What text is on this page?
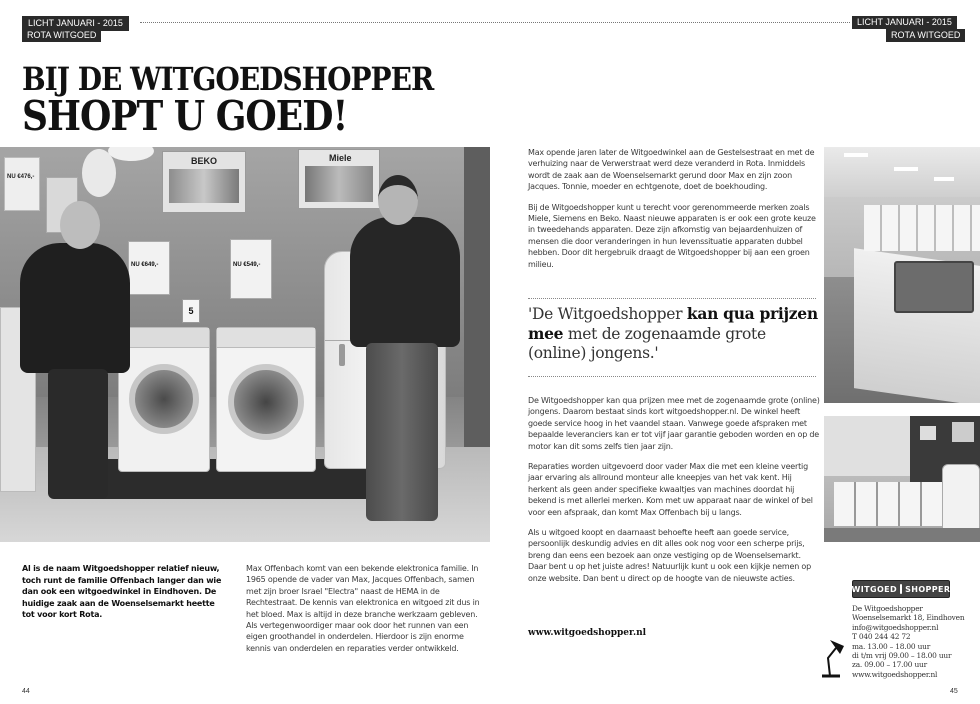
LICHT JANUARI - 2015
ROTA WITGOED
LICHT JANUARI - 2015
ROTA WITGOED
BIJ DE WITGOEDSHOPPER
SHOPT U GOED!
NU €476,-
BEKO	Miele
NU €649,-	NU €549,-
5
Al is de naam Witgoedshopper relatief nieuw, toch runt de familie Offenbach langer dan wie dan ook een witgoedwinkel in Eindhoven. De huidige zaak aan de Woenselsemarkt heette tot voor kort Rota.

Max Offenbach komt van een bekende elektronica familie. In 1965 opende de vader van Max, Jacques Offenbach, samen met zijn broer Israel "Electra" naast de HEMA in de Rechtestraat. De kennis van elektronica en witgoed zit dus in het bloed. Max is altijd in deze branche werkzaam gebleven. Als vertegenwoordiger maar ook door het runnen van een eigen groothandel in onderdelen. Hierdoor is zijn enorme kennis van onderdelen en reparaties verder ontwikkeld.

Max opende jaren later de Witgoedwinkel aan de Gestelsestraat en met de verhuizing naar de Verwerstraat werd deze veranderd in Rota. Inmiddels wordt de zaak aan de Woenselsemarkt gerund door Max en zijn zoon Jacques. Tonnie, moeder en echtgenote, doet de boekhouding.

Bij de Witgoedshopper kunt u terecht voor gerenommeerde merken zoals Miele, Siemens en Beko. Naast nieuwe apparaten is er ook een grote keuze in tweedehands apparaten. Deze zijn afkomstig van bejaardenhuizen of mensen die door veranderingen in hun levenssituatie apparaten dubbel hebben. Door dit hergebruik draagt de Witgoedshopper bij aan een groen milieu.

'De Witgoedshopper kan qua prijzen mee met de zogenaamde grote (online) jongens.'

De Witgoedshopper kan qua prijzen mee met de zogenaamde grote (online) jongens. Daarom bestaat sinds kort witgoedshopper.nl. De winkel heeft goede service hoog in het vaandel staan. Vanwege goede afspraken met bepaalde leveranciers kan er tot vijf jaar garantie geboden worden en op de motor kan dit soms zelfs tien jaar zijn.

Reparaties worden uitgevoerd door vader Max die met een kleine veertig jaar ervaring als allround monteur alle kneepjes van het vak kent. Hij herkent als geen ander specifieke kwaaltjes van machines doordat hij bekend is met allerlei merken. Kom met uw apparaat naar de winkel of bel voor een afspraak, dan komt Max Offenbach bij u langs.

Als u witgoed koopt en daarnaast behoefte heeft aan goede service, persoonlijk deskundig advies en dit alles ook nog voor een scherpe prijs, breng dan eens een bezoek aan onze vestiging op de Woenselsemarkt. Daar bent u op het juiste adres! Natuurlijk kunt u ook een kijkje nemen op onze website. Dan bent u direct op de hoogte van de nieuwste acties.

www.witgoedshopper.nl
WITGOED SHOPPER
De Witgoedshopper
Woenselsemarkt 18, Eindhoven
info@witgoedshopper.nl
T 040 244 42 72
ma. 13.00 – 18.00 uur
di t/m vrij 09.00 – 18.00 uur
za. 09.00 – 17.00 uur
www.witgoedshopper.nl
44	45
